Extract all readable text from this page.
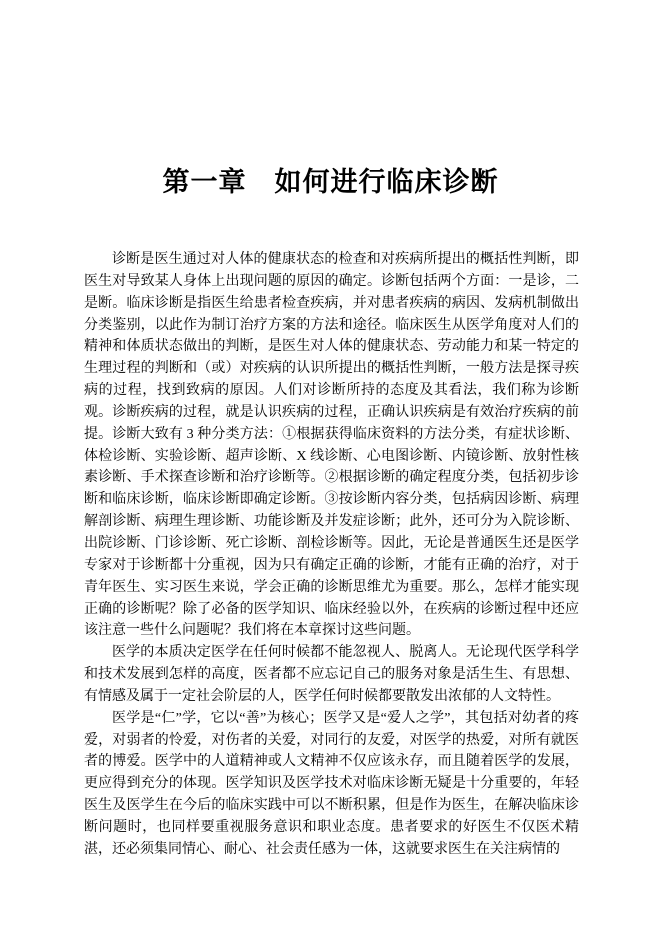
第一章　如何进行临床诊断

诊断是医生通过对人体的健康状态的检查和对疾病所提出的概括性判断，即医生对导致某人身体上出现问题的原因的确定。诊断包括两个方面：一是诊，二是断。临床诊断是指医生给患者检查疾病，并对患者疾病的病因、发病机制做出分类鉴别，以此作为制订治疗方案的方法和途径。临床医生从医学角度对人们的精神和体质状态做出的判断，是医生对人体的健康状态、劳动能力和某一特定的生理过程的判断和（或）对疾病的认识所提出的概括性判断，一般方法是探寻疾病的过程，找到致病的原因。人们对诊断所持的态度及其看法，我们称为诊断观。诊断疾病的过程，就是认识疾病的过程，正确认识疾病是有效治疗疾病的前提。诊断大致有 3 种分类方法：①根据获得临床资料的方法分类，有症状诊断、体检诊断、实验诊断、超声诊断、X 线诊断、心电图诊断、内镜诊断、放射性核素诊断、手术探查诊断和治疗诊断等。②根据诊断的确定程度分类，包括初步诊断和临床诊断，临床诊断即确定诊断。③按诊断内容分类，包括病因诊断、病理解剖诊断、病理生理诊断、功能诊断及并发症诊断；此外，还可分为入院诊断、出院诊断、门诊诊断、死亡诊断、剖检诊断等。因此，无论是普通医生还是医学专家对于诊断都十分重视，因为只有确定正确的诊断，才能有正确的治疗，对于青年医生、实习医生来说，学会正确的诊断思维尤为重要。那么，怎样才能实现正确的诊断呢？除了必备的医学知识、临床经验以外，在疾病的诊断过程中还应该注意一些什么问题呢？我们将在本章探讨这些问题。

医学的本质决定医学在任何时候都不能忽视人、脱离人。无论现代医学科学和技术发展到怎样的高度，医者都不应忘记自己的服务对象是活生生、有思想、有情感及属于一定社会阶层的人，医学任何时候都要散发出浓郁的人文特性。

医学是“仁”学，它以“善”为核心；医学又是“爱人之学”，其包括对幼者的疼爱，对弱者的怜爱，对伤者的关爱，对同行的友爱，对医学的热爱，对所有就医者的博爱。医学中的人道精神或人文精神不仅应该永存，而且随着医学的发展，更应得到充分的体现。医学知识及医学技术对临床诊断无疑是十分重要的，年轻医生及医学生在今后的临床实践中可以不断积累，但是作为医生，在解决临床诊断问题时，也同样要重视服务意识和职业态度。患者要求的好医生不仅医术精湛，还必须集同情心、耐心、社会责任感为一体，这就要求医生在关注病情的
